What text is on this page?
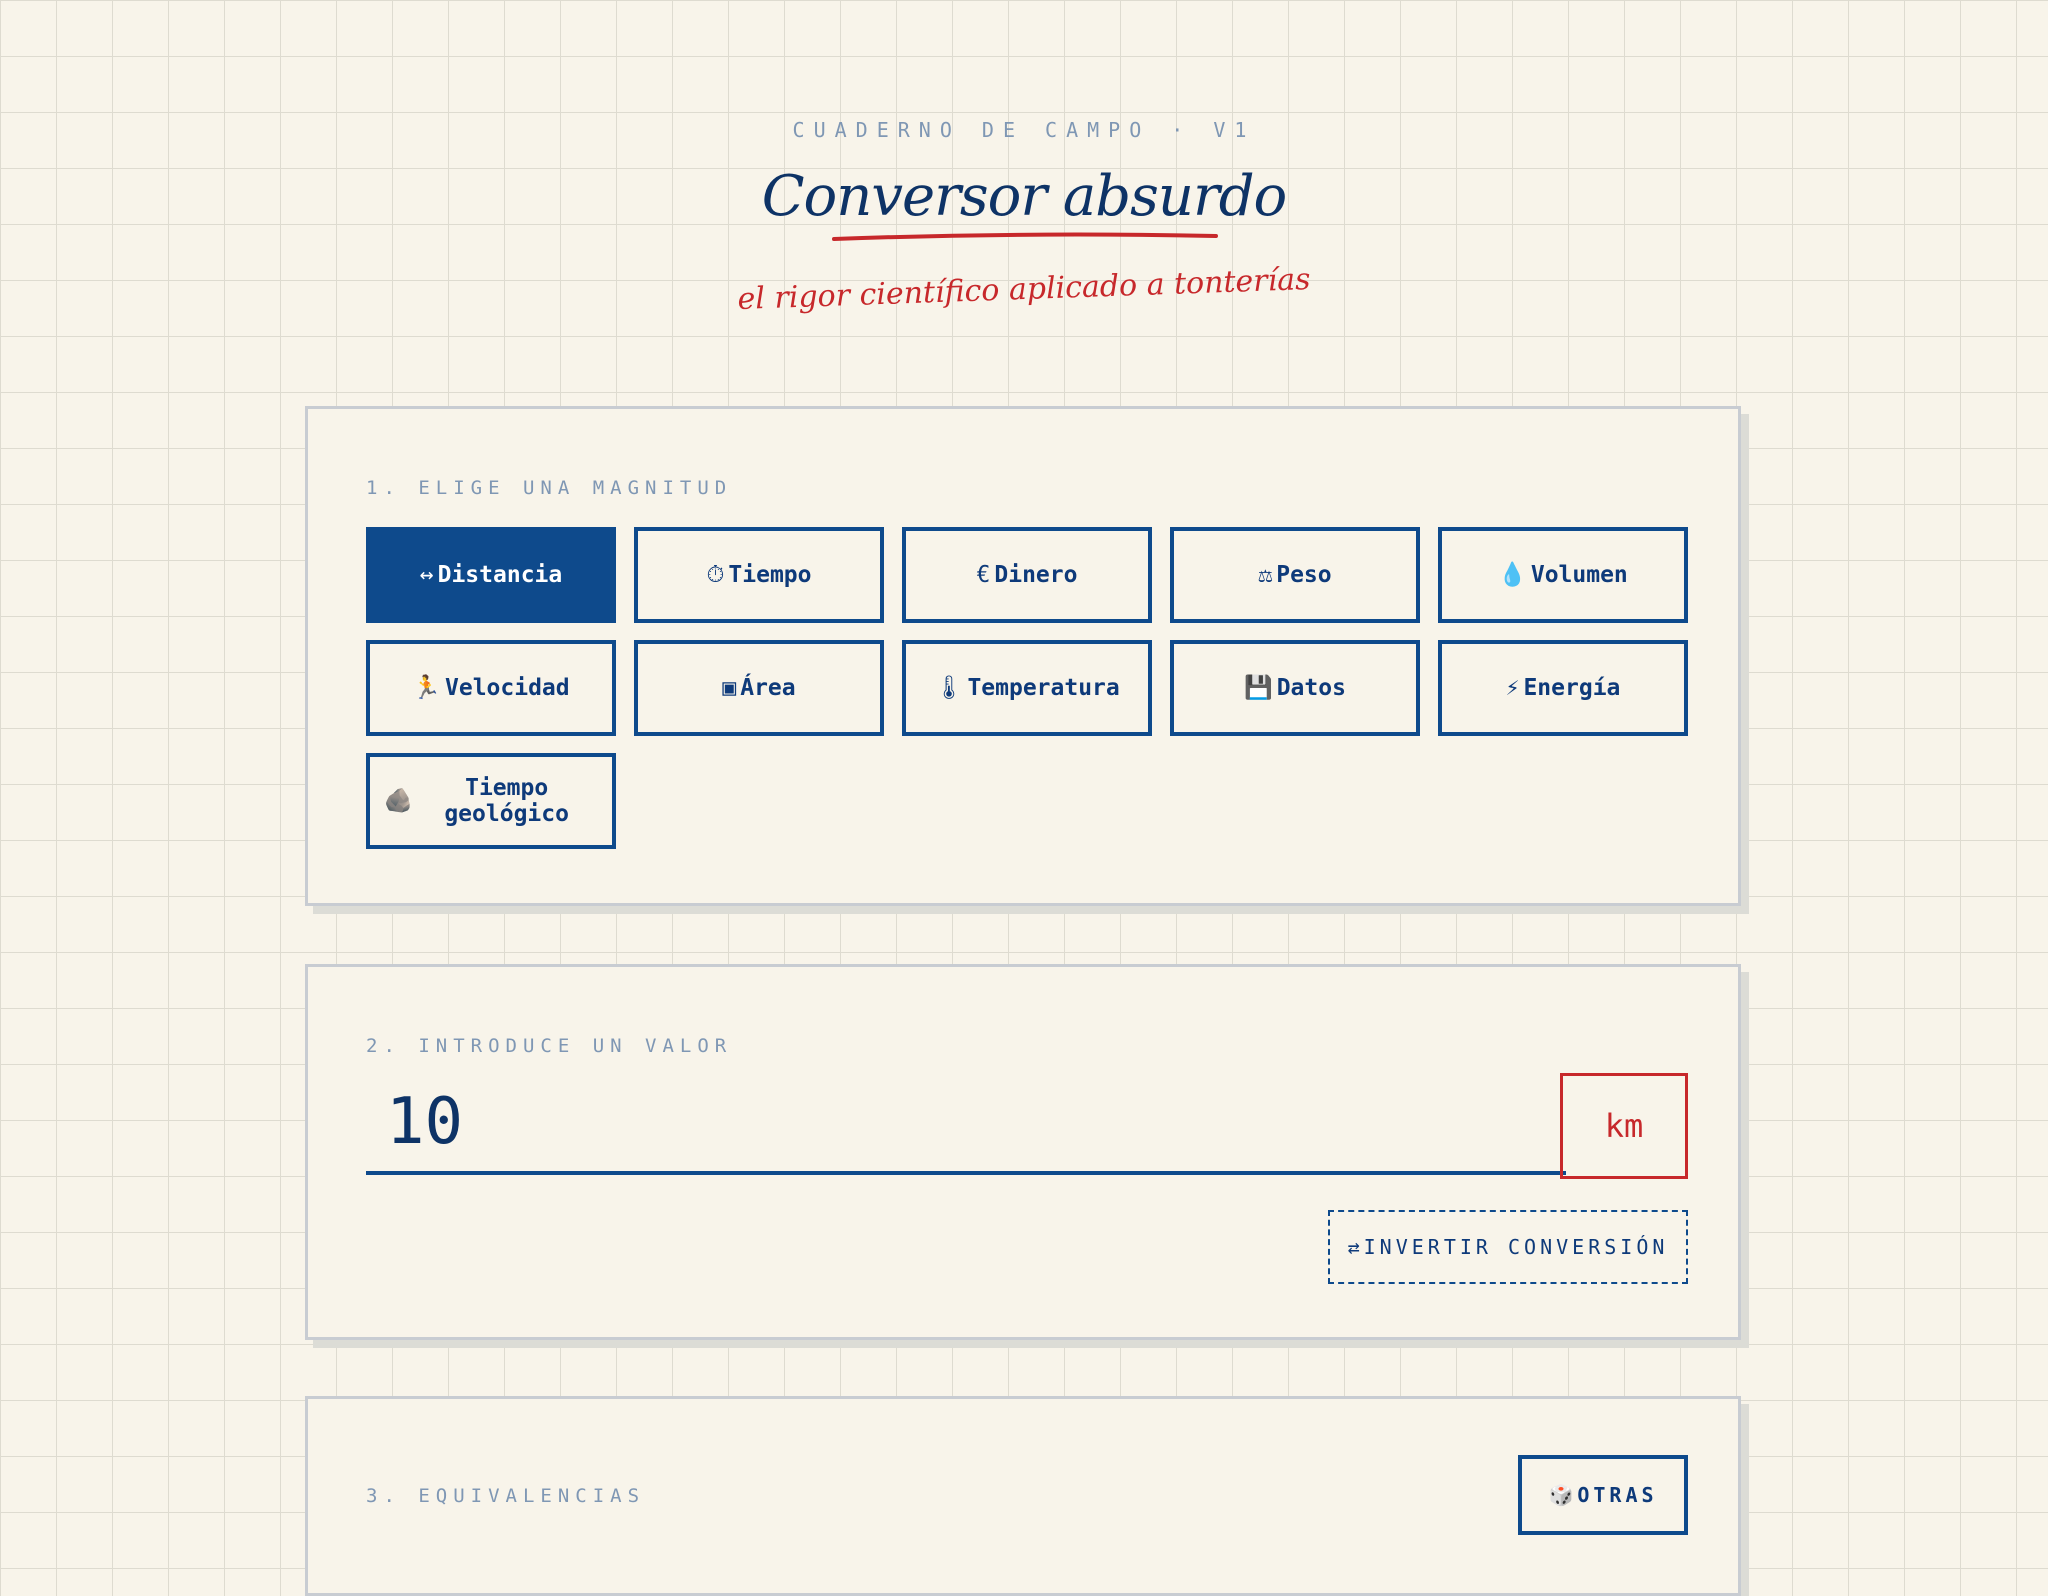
CUADERNO DE CAMPO · V1
Conversor absurdo
el rigor científico aplicado a tonterías
1. ELIGE UNA MAGNITUD
↔ Distancia	⏱ Tiempo	€ Dinero	⚖ Peso	💧 Volumen
🏃 Velocidad	▣ Área	🌡 Temperatura	💾 Datos	⚡ Energía
🪨	Tiempo geológico
2. INTRODUCE UN VALOR
10
km
⇄ INVERTIR CONVERSIÓN
3. EQUIVALENCIAS	🎲 OTRAS
